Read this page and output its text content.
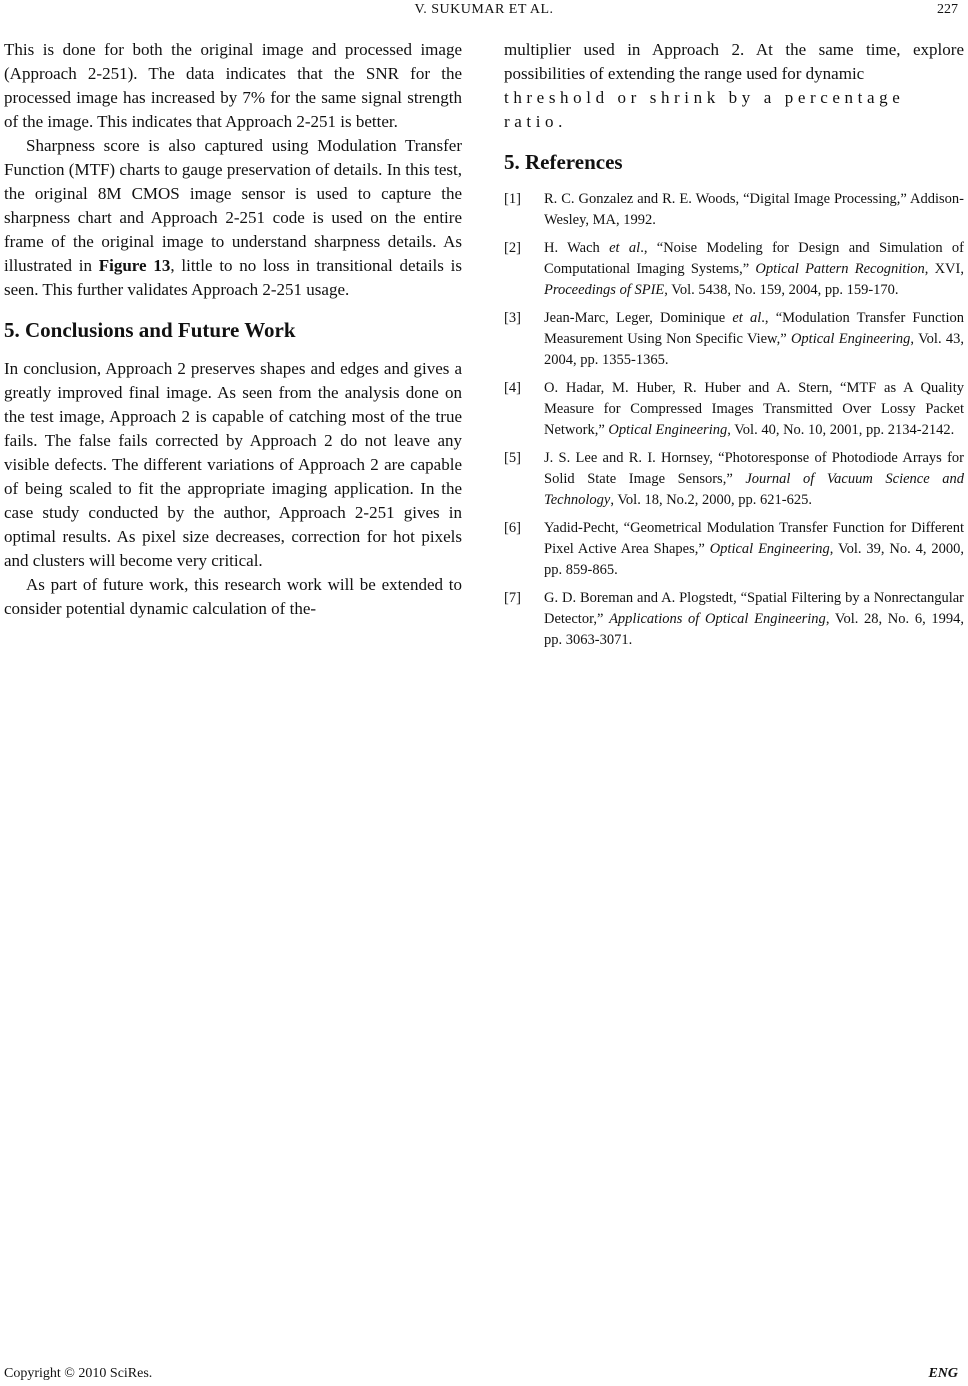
V. SUKUMAR ET AL.	227

This is done for both the original image and processed image (Approach 2-251). The data indicates that the SNR for the processed image has increased by 7% for the same signal strength of the image. This indicates that Approach 2-251 is better.

Sharpness score is also captured using Modulation Transfer Function (MTF) charts to gauge preservation of details. In this test, the original 8M CMOS image sensor is used to capture the sharpness chart and Approach 2-251 code is used on the entire frame of the original image to understand sharpness details. As illustrated in Figure 13, little to no loss in transitional details is seen. This further validates Approach 2-251 usage.

5. Conclusions and Future Work

In conclusion, Approach 2 preserves shapes and edges and gives a greatly improved final image. As seen from the analysis done on the test image, Approach 2 is capable of catching most of the true fails. The false fails corrected by Approach 2 do not leave any visible defects. The different variations of Approach 2 are capable of being scaled to fit the appropriate imaging application. In the case study conducted by the author, Approach 2-251 gives in optimal results. As pixel size decreases, correction for hot pixels and clusters will become very critical.

As part of future work, this research work will be extended to consider potential dynamic calculation of the-

multiplier used in Approach 2. At the same time, explore possibilities of extending the range used for dynamic

threshold or shrink by a percentage ratio.

5. References
[1]	R. C. Gonzalez and R. E. Woods, “Digital Image Processing,” Addison-Wesley, MA, 1992.
[2]	H. Wach et al., “Noise Modeling for Design and Simulation of Computational Imaging Systems,” Optical Pattern Recognition, XVI, Proceedings of SPIE, Vol. 5438, No. 159, 2004, pp. 159-170.
[3]	Jean-Marc, Leger, Dominique et al., “Modulation Transfer Function Measurement Using Non Specific View,” Optical Engineering, Vol. 43, 2004, pp. 1355-1365.
[4]	O. Hadar, M. Huber, R. Huber and A. Stern, “MTF as A Quality Measure for Compressed Images Transmitted Over Lossy Packet Network,” Optical Engineering, Vol. 40, No. 10, 2001, pp. 2134-2142.
[5]	J. S. Lee and R. I. Hornsey, “Photoresponse of Photodiode Arrays for Solid State Image Sensors,” Journal of Vacuum Science and Technology, Vol. 18, No.2, 2000, pp. 621-625.
[6]	Yadid-Pecht, “Geometrical Modulation Transfer Function for Different Pixel Active Area Shapes,” Optical Engineering, Vol. 39, No. 4, 2000, pp. 859-865.
[7]	G. D. Boreman and A. Plogstedt, “Spatial Filtering by a Nonrectangular Detector,” Applications of Optical Engineering, Vol. 28, No. 6, 1994, pp. 3063-3071.
Copyright © 2010 SciRes.	ENG
